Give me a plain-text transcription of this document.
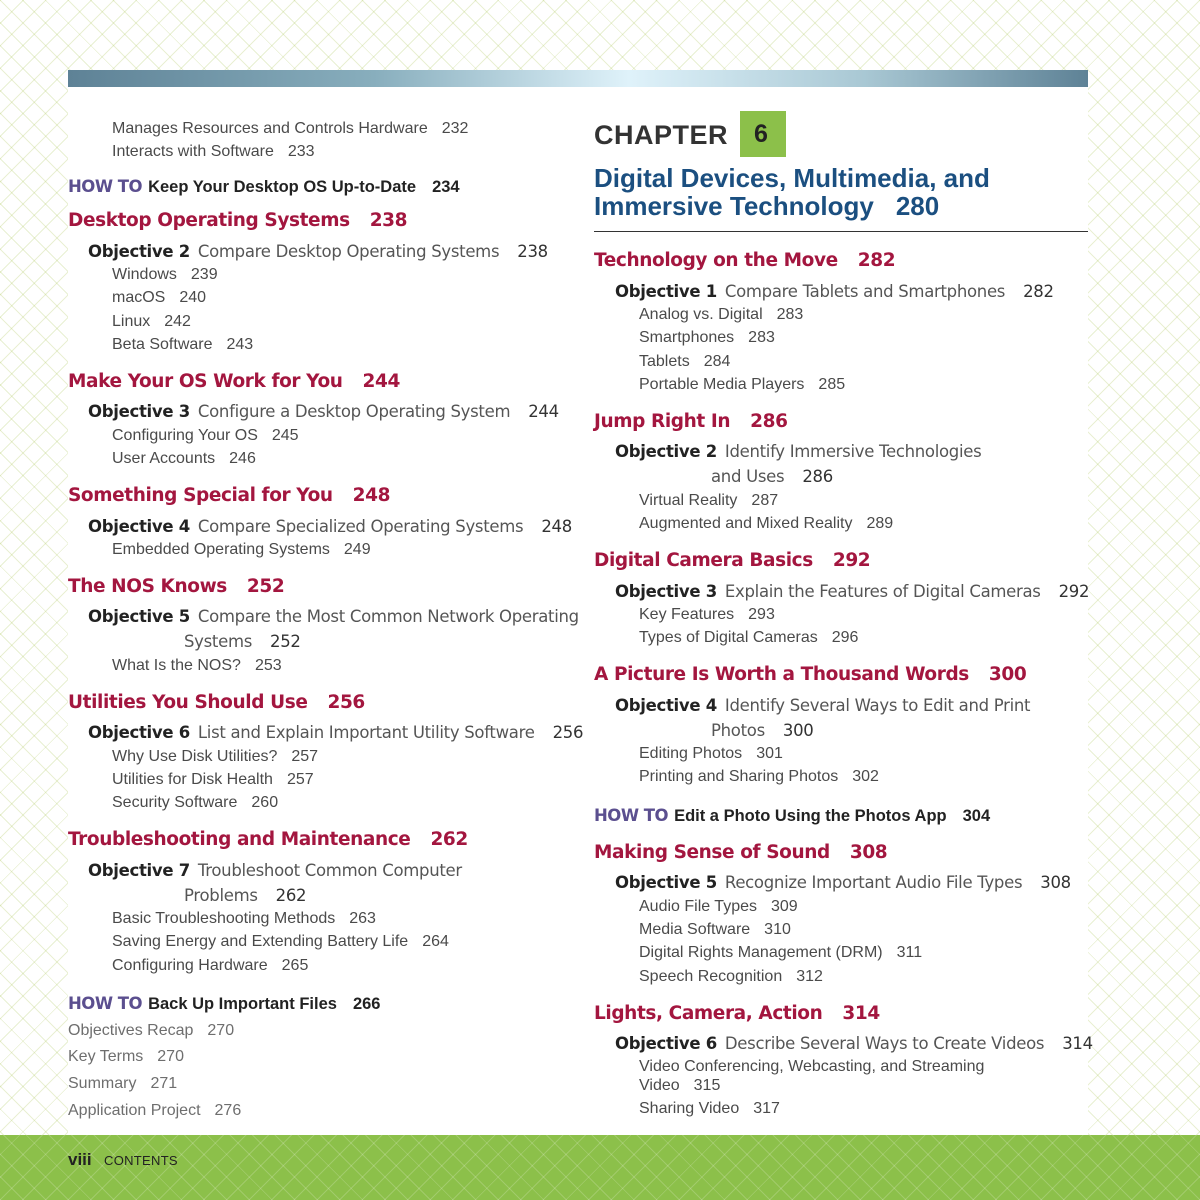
Manages Resources and Controls Hardware 232
Interacts with Software 233
HOW TO Keep Your Desktop OS Up-to-Date 234
Desktop Operating Systems 238
Objective 2 Compare Desktop Operating Systems 238
Windows 239
macOS 240
Linux 242
Beta Software 243
Make Your OS Work for You 244
Objective 3 Configure a Desktop Operating System 244
Configuring Your OS 245
User Accounts 246
Something Special for You 248
Objective 4 Compare Specialized Operating Systems 248
Embedded Operating Systems 249
The NOS Knows 252
Objective 5 Compare the Most Common Network Operating
Systems 252
What Is the NOS? 253
Utilities You Should Use 256
Objective 6 List and Explain Important Utility Software 256
Why Use Disk Utilities? 257
Utilities for Disk Health 257
Security Software 260
Troubleshooting and Maintenance 262
Objective 7 Troubleshoot Common Computer
Problems 262
Basic Troubleshooting Methods 263
Saving Energy and Extending Battery Life 264
Configuring Hardware 265
HOW TO Back Up Important Files 266
Objectives Recap 270
Key Terms 270
Summary 271
Application Project 276
CHAPTER 6
Digital Devices, Multimedia, and
Immersive Technology 280
Technology on the Move 282
Objective 1 Compare Tablets and Smartphones 282
Analog vs. Digital 283
Smartphones 283
Tablets 284
Portable Media Players 285
Jump Right In 286
Objective 2 Identify Immersive Technologies
and Uses 286
Virtual Reality 287
Augmented and Mixed Reality 289
Digital Camera Basics 292
Objective 3 Explain the Features of Digital Cameras 292
Key Features 293
Types of Digital Cameras 296
A Picture Is Worth a Thousand Words 300
Objective 4 Identify Several Ways to Edit and Print
Photos 300
Editing Photos 301
Printing and Sharing Photos 302
HOW TO Edit a Photo Using the Photos App 304
Making Sense of Sound 308
Objective 5 Recognize Important Audio File Types 308
Audio File Types 309
Media Software 310
Digital Rights Management (DRM) 311
Speech Recognition 312
Lights, Camera, Action 314
Objective 6 Describe Several Ways to Create Videos 314
Video Conferencing, Webcasting, and Streaming
Video 315
Sharing Video 317
viii CONTENTS
